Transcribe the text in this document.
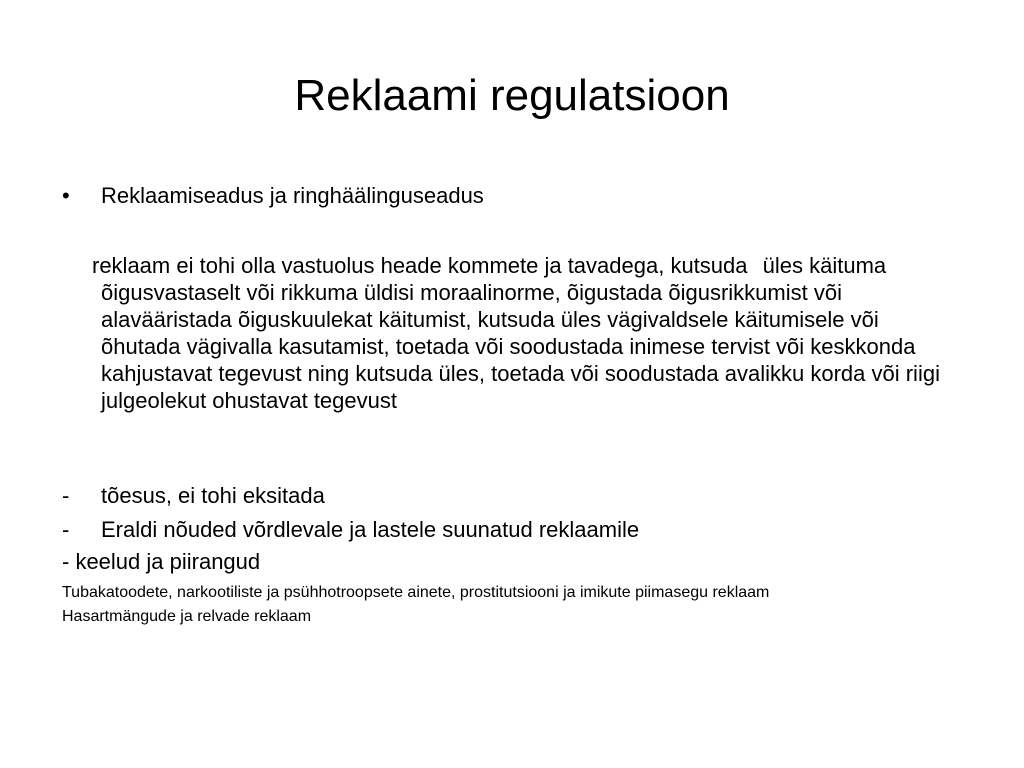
Reklaami regulatsioon
• Reklaamiseadus ja ringhäälinguseadus
reklaam ei tohi olla vastuolus heade kommete ja tavadega, kutsuda üles käituma õigusvastaselt või rikkuma üldisi moraalinorme, õigustada õigusrikkumist või alavääristada õiguskuulekat käitumist, kutsuda üles vägivaldsele käitumisele või õhutada vägivalla kasutamist, toetada või soodustada inimese tervist või keskkonda kahjustavat tegevust ning kutsuda üles, toetada või soodustada avalikku korda või riigi julgeolekut ohustavat tegevust
- tõesus, ei tohi eksitada
- Eraldi nõuded võrdlevale ja lastele suunatud reklaamile
- keelud ja piirangud
Tubakatoodete, narkootiliste ja psühhotroopsete ainete, prostitutsiooni ja imikute piimasegu reklaam
Hasartmängude ja relvade reklaam
